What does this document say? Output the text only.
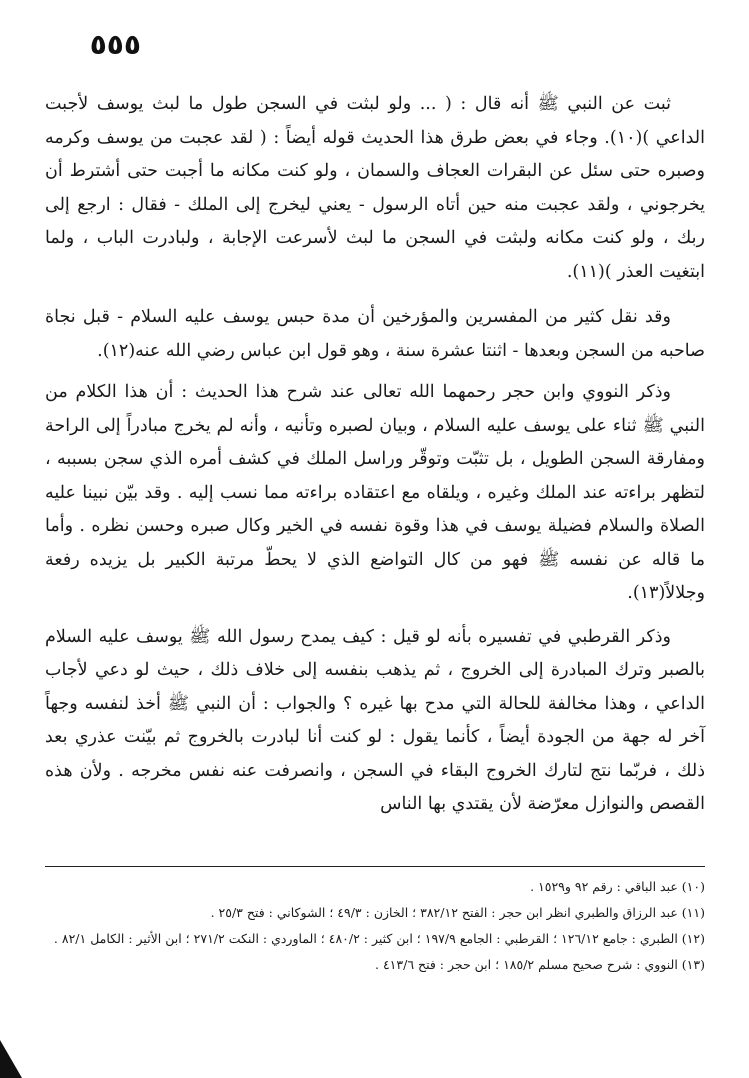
٥٥٥

ثبت عن النبي ﷺ أنه قال : ( ... ولو لبثت في السجن طول ما لبث يوسف لأجبت الداعي )(١٠). وجاء في بعض طرق هذا الحديث قوله أيضاً : ( لقد عجبت من يوسف وكرمه وصبره حتى سئل عن البقرات العجاف والسمان ، ولو كنت مكانه ما أجبت حتى أشترط أن يخرجوني ، ولقد عجبت منه حين أتاه الرسول - يعني ليخرج إلى الملك - فقال : ارجع إلى ربك ، ولو كنت مكانه ولبثت في السجن ما لبث لأسرعت الإجابة ، ولبادرت الباب ، ولما ابتغيت العذر )(١١).

وقد نقل كثير من المفسرين والمؤرخين أن مدة حبس يوسف عليه السلام - قبل نجاة صاحبه من السجن وبعدها - اثنتا عشرة سنة ، وهو قول ابن عباس رضي الله عنه(١٢).

وذكر النووي وابن حجر رحمهما الله تعالى عند شرح هذا الحديث : أن هذا الكلام من النبي ﷺ ثناء على يوسف عليه السلام ، وبيان لصبره وتأنيه ، وأنه لم يخرج مبادراً إلى الراحة ومفارقة السجن الطويل ، بل تثبّت وتوقّر وراسل الملك في كشف أمره الذي سجن بسببه ، لتظهر براءته عند الملك وغيره ، ويلقاه مع اعتقاده براءته مما نسب إليه . وقد بيّن نبينا عليه الصلاة والسلام فضيلة يوسف في هذا وقوة نفسه في الخير وكال صبره وحسن نظره . وأما ما قاله عن نفسه ﷺ فهو من كال التواضع الذي لا يحطّ مرتبة الكبير بل يزيده رفعة وجلالاً(١٣).

وذكر القرطبي في تفسيره بأنه لو قيل : كيف يمدح رسول الله ﷺ يوسف عليه السلام بالصبر وترك المبادرة إلى الخروج ، ثم يذهب بنفسه إلى خلاف ذلك ، حيث لو دعي لأجاب الداعي ، وهذا مخالفة للحالة التي مدح بها غيره ؟ والجواب : أن النبي ﷺ أخذ لنفسه وجهاً آخر له جهة من الجودة أيضاً ، كأنما يقول : لو كنت أنا لبادرت بالخروج ثم بيّنت عذري بعد ذلك ، فربّما نتج لتارك الخروج البقاء في السجن ، وانصرفت عنه نفس مخرجه . ولأن هذه القصص والنوازل معرّضة لأن يقتدي بها الناس

(١٠) عبد الباقي : رقم ٩٢ و١٥٢٩ .
(١١) عبد الرزاق والطبري انظر ابن حجر : الفتح ٣٨٢/١٢ ؛ الخازن : ٤٩/٣ ؛ الشوكاني : فتح ٢٥/٣ .
(١٢) الطبري : جامع ١٢٦/١٢ ؛ القرطبي : الجامع ١٩٧/٩ ؛ ابن كثير : ٤٨٠/٢ ؛ الماوردي : النكت ٢٧١/٢ ؛ ابن الأثير : الكامل ٨٢/١ .
(١٣) النووي : شرح صحيح مسلم ١٨٥/٢ ؛ ابن حجر : فتح ٤١٣/٦ .
